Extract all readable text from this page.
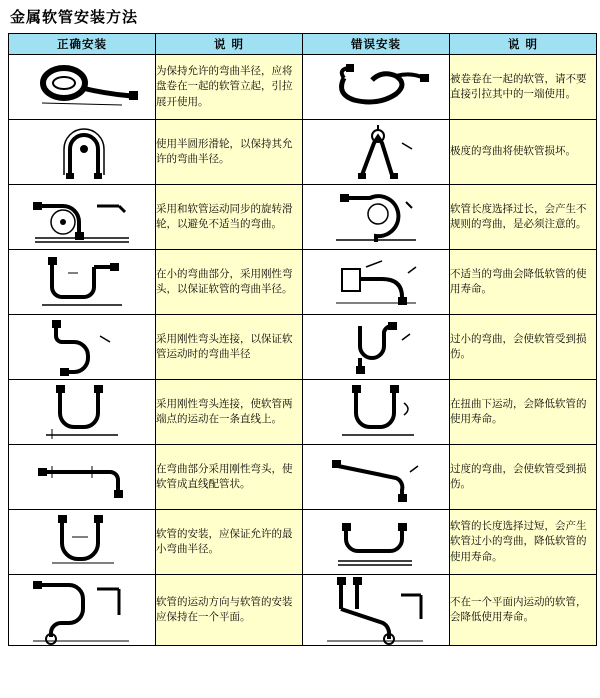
金属软管安装方法
正确安装	说 明	错误安装	说 明

	为保持允许的弯曲半径，应将盘卷在一起的软管立起，引拉展开使用。		被卷卷在一起的软管，请不要直接引拉其中的一端使用。

	使用半圆形滑轮，以保持其允许的弯曲半径。		极度的弯曲将使软管损坏。

	采用和软管运动同步的旋转滑轮，以避免不适当的弯曲。		软管长度选择过长，会产生不规则的弯曲，是必须注意的。

	在小的弯曲部分，采用刚性弯头，以保证软管的弯曲半径。		不适当的弯曲会降低软管的使用寿命。

	采用刚性弯头连接，以保证软管运动时的弯曲半径		过小的弯曲，会使软管受到损伤。

	采用刚性弯头连接，使软管两端点的运动在一条直线上。		在扭曲下运动，会降低软管的使用寿命。

	在弯曲部分采用刚性弯头，使软管成直线配管状。		过度的弯曲，会使软管受到损伤。

	软管的安装，应保证允许的最小弯曲半径。		软管的长度选择过短，会产生软管过小的弯曲，降低软管的使用寿命。

	软管的运动方向与软管的安装应保持在一个平面。		不在一个平面内运动的软管，会降低使用寿命。
